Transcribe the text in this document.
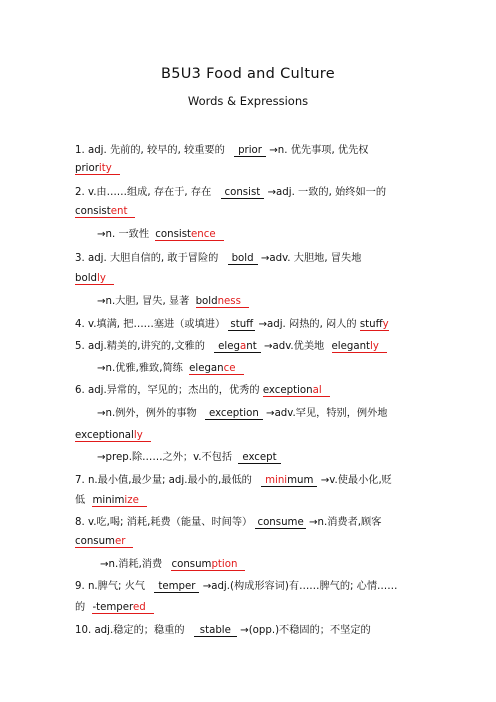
B5U3 Food and Culture
Words & Expressions
1. adj. 先前的, 较早的, 较重要的 prior →n. 优先事项, 优先权
priority
2. v.由……组成, 存在于, 存在 consist →adj. 一致的, 始终如一的
consistent
→n. 一致性 consistence
3. adj. 大胆自信的, 敢于冒险的 bold →adv. 大胆地, 冒失地
boldly
→n.大胆, 冒失, 显著 boldness
4. v.填满, 把……塞进（或填进） stuff →adj. 闷热的, 闷人的 stuffy
5. adj.精美的,讲究的,文雅的 elegant →adv.优美地 elegantly
→n.优雅,雅致,简练 elegance
6. adj.异常的，罕见的；杰出的，优秀的 exceptional
→n.例外，例外的事物 exception →adv.罕见，特别，例外地
exceptionally
→prep.除……之外；v.不包括 except
7. n.最小值,最少量; adj.最小的,最低的 minimum →v.使最小化,贬
低 minimize
8. v.吃,喝; 消耗,耗费（能量、时间等） consume →n.消费者,顾客
consumer
→n.消耗,消费 consumption
9. n.脾气; 火气 temper →adj.(构成形容词)有……脾气的; 心情……
的 -tempered
10. adj.稳定的；稳重的 stable →(opp.)不稳固的；不坚定的
